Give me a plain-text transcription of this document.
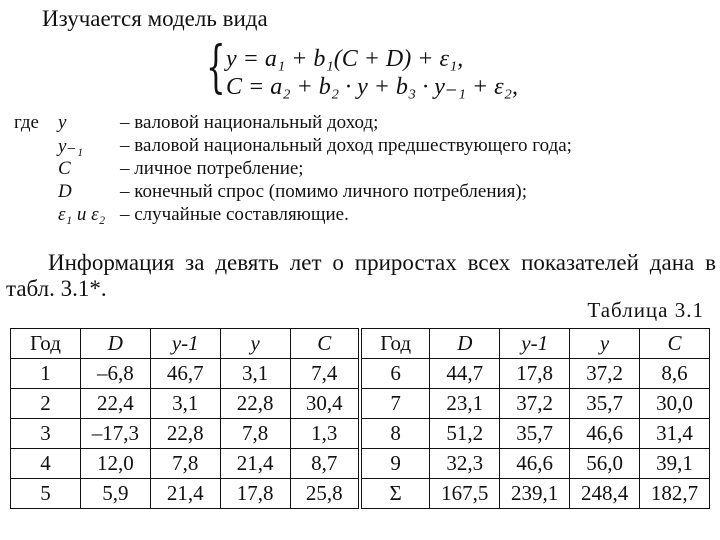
Изучается модель вида
{ y = a₁ + b₁(C + D) + ε₁,
C = a₂ + b₂ · y + b₃ · y₋₁ + ε₂,
где y	– валовой национальный доход;
y₋₁ – валовой национальный доход предшествующего года;
C	– личное потребление;
D	– конечный спрос (помимо личного потребления);
ε₁ и ε₂ – случайные составляющие.
Информация за девять лет о приростах всех показателей дана в
табл. 3.1*.
Таблица 3.1
Год	D	y-1	y	C	Год	D	y-1	y	C
1	–6,8	46,7	3,1	7,4	6	44,7	17,8	37,2	8,6
2	22,4	3,1	22,8	30,4	7	23,1	37,2	35,7	30,0
3	–17,3	22,8	7,8	1,3	8	51,2	35,7	46,6	31,4
4	12,0	7,8	21,4	8,7	9	32,3	46,6	56,0	39,1
5	5,9	21,4	17,8	25,8	Σ	167,5	239,1	248,4	182,7
